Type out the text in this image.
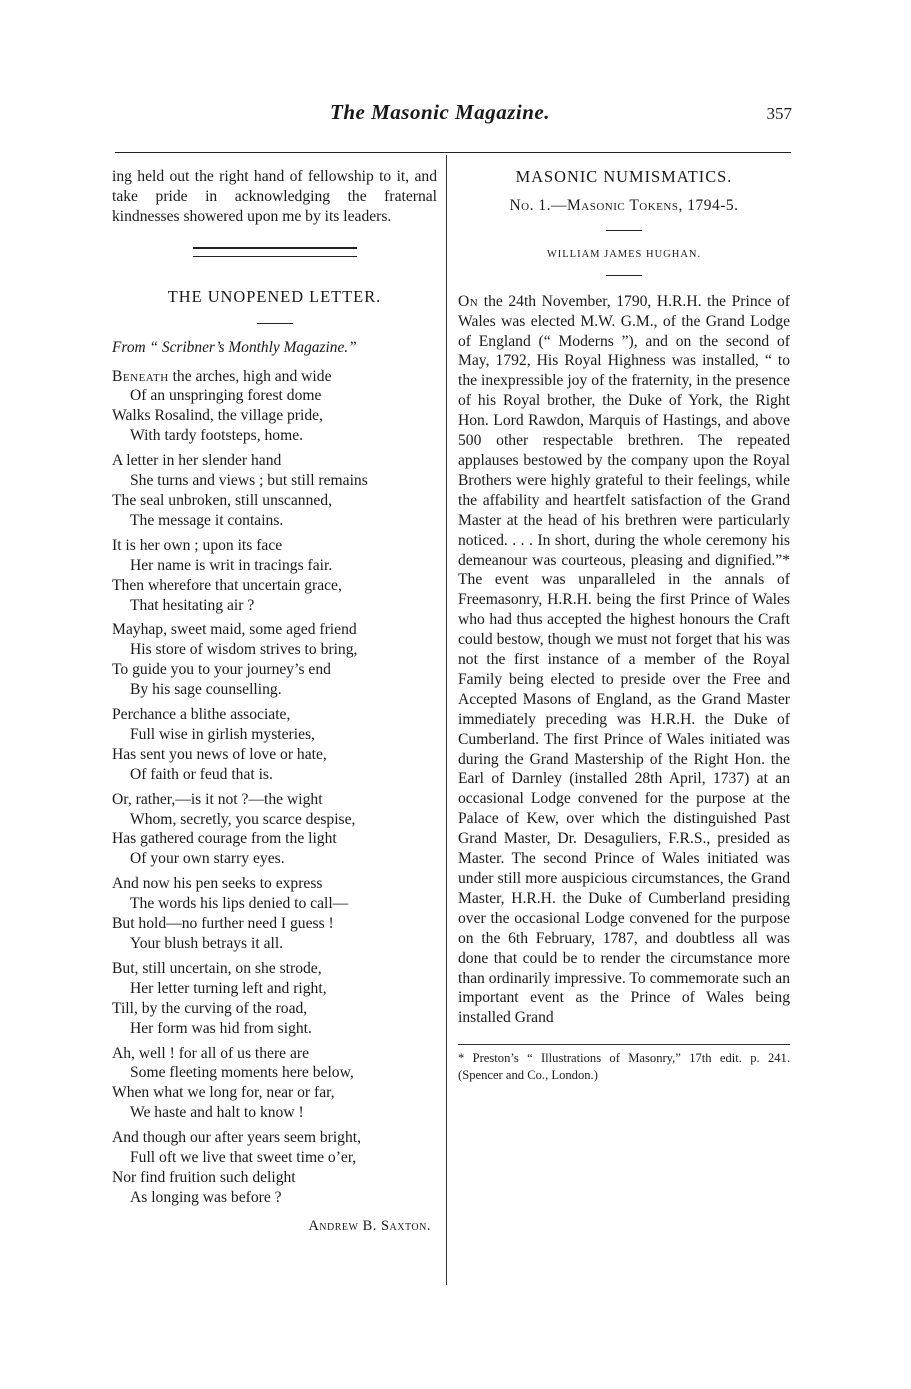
The Masonic Magazine.	357

ing held out the right hand of fellowship to it, and take pride in acknowledging the fraternal kindnesses showered upon me by its leaders.

THE UNOPENED LETTER.

From “ Scribner’s Monthly Magazine.”

Beneath the arches, high and wide
Of an unspringing forest dome
Walks Rosalind, the village pride,
With tardy footsteps, home.
A letter in her slender hand
She turns and views ; but still remains
The seal unbroken, still unscanned,
The message it contains.
It is her own ; upon its face
Her name is writ in tracings fair.
Then wherefore that uncertain grace,
That hesitating air ?
Mayhap, sweet maid, some aged friend
His store of wisdom strives to bring,
To guide you to your journey’s end
By his sage counselling.
Perchance a blithe associate,
Full wise in girlish mysteries,
Has sent you news of love or hate,
Of faith or feud that is.
Or, rather,—is it not ?—the wight
Whom, secretly, you scarce despise,
Has gathered courage from the light
Of your own starry eyes.
And now his pen seeks to express
The words his lips denied to call—
But hold—no further need I guess !
Your blush betrays it all.
But, still uncertain, on she strode,
Her letter turning left and right,
Till, by the curving of the road,
Her form was hid from sight.
Ah, well ! for all of us there are
Some fleeting moments here below,
When what we long for, near or far,
We haste and halt to know !
And though our after years seem bright,
Full oft we live that sweet time o’er,
Nor find fruition such delight
As longing was before ?

Andrew B. Saxton.

MASONIC NUMISMATICS.

No. 1.—Masonic Tokens, 1794-5.

WILLIAM JAMES HUGHAN.

On the 24th November, 1790, H.R.H. the Prince of Wales was elected M.W. G.M., of the Grand Lodge of England (“ Moderns ”), and on the second of May, 1792, His Royal Highness was installed, “ to the inexpressible joy of the fraternity, in the presence of his Royal brother, the Duke of York, the Right Hon. Lord Rawdon, Marquis of Hastings, and above 500 other respectable brethren. The repeated applauses bestowed by the company upon the Royal Brothers were highly grateful to their feelings, while the affability and heartfelt satisfaction of the Grand Master at the head of his brethren were particularly noticed. . . . In short, during the whole ceremony his demeanour was courteous, pleasing and dignified.”* The event was unparalleled in the annals of Freemasonry, H.R.H. being the first Prince of Wales who had thus accepted the highest honours the Craft could bestow, though we must not forget that his was not the first instance of a member of the Royal Family being elected to preside over the Free and Accepted Masons of England, as the Grand Master immediately preceding was H.R.H. the Duke of Cumberland. The first Prince of Wales initiated was during the Grand Mastership of the Right Hon. the Earl of Darnley (installed 28th April, 1737) at an occasional Lodge convened for the purpose at the Palace of Kew, over which the distinguished Past Grand Master, Dr. Desaguliers, F.R.S., presided as Master. The second Prince of Wales initiated was under still more auspicious circumstances, the Grand Master, H.R.H. the Duke of Cumberland presiding over the occasional Lodge convened for the purpose on the 6th February, 1787, and doubtless all was done that could be to render the circumstance more than ordinarily impressive. To commemorate such an important event as the Prince of Wales being installed Grand

* Preston’s “ Illustrations of Masonry,” 17th edit. p. 241. (Spencer and Co., London.)
